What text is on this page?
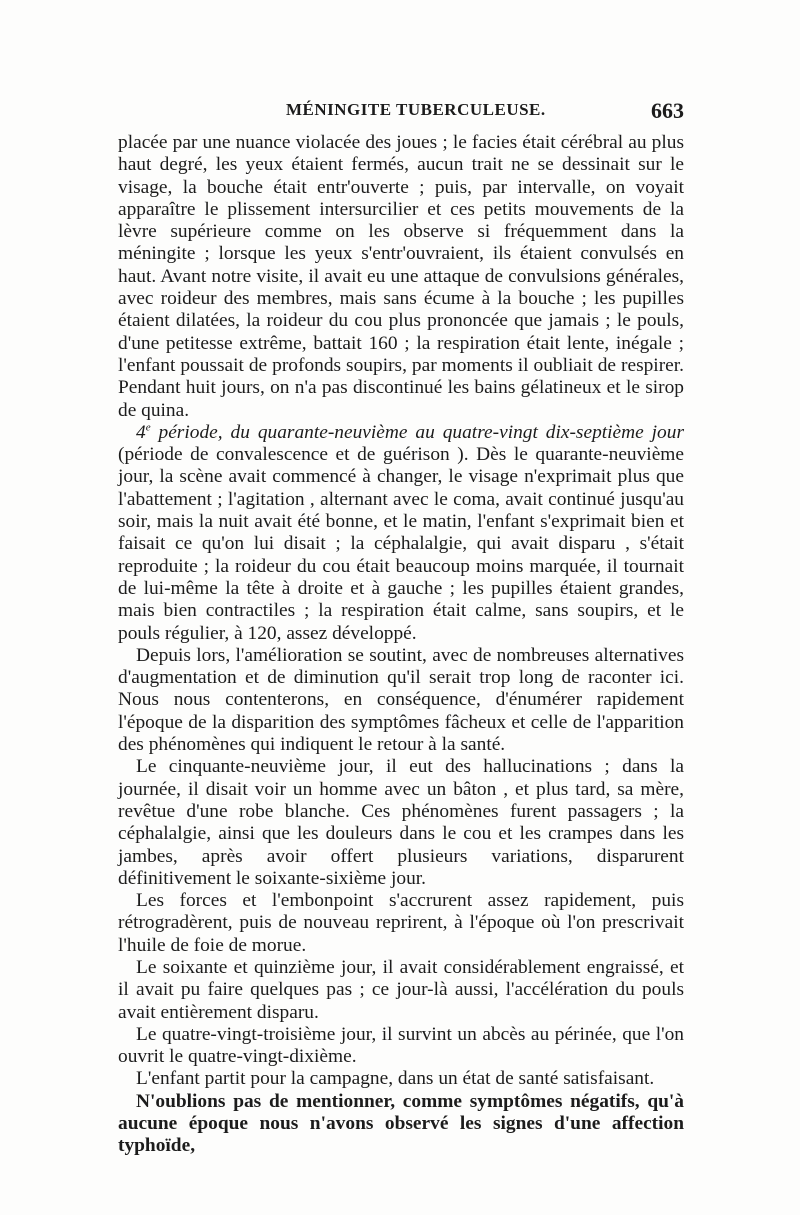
MÉNINGITE TUBERCULEUSE.	663

placée par une nuance violacée des joues ; le facies était cérébral au plus haut degré, les yeux étaient fermés, aucun trait ne se dessinait sur le visage, la bouche était entr'ouverte ; puis, par intervalle, on voyait apparaître le plissement intersurcilier et ces petits mouvements de la lèvre supérieure comme on les observe si fréquemment dans la méningite ; lorsque les yeux s'entr'ouvraient, ils étaient convulsés en haut. Avant notre visite, il avait eu une attaque de convulsions générales, avec roideur des membres, mais sans écume à la bouche ; les pupilles étaient dilatées, la roideur du cou plus prononcée que jamais ; le pouls, d'une petitesse extrême, battait 160 ; la respiration était lente, inégale ; l'enfant poussait de profonds soupirs, par moments il oubliait de respirer. Pendant huit jours, on n'a pas discontinué les bains gélatineux et le sirop de quina.

4e période, du quarante-neuvième au quatre-vingt dix-septième jour (période de convalescence et de guérison ). Dès le quarante-neuvième jour, la scène avait commencé à changer, le visage n'exprimait plus que l'abattement ; l'agitation , alternant avec le coma, avait continué jusqu'au soir, mais la nuit avait été bonne, et le matin, l'enfant s'exprimait bien et faisait ce qu'on lui disait ; la céphalalgie, qui avait disparu , s'était reproduite ; la roideur du cou était beaucoup moins marquée, il tournait de lui-même la tête à droite et à gauche ; les pupilles étaient grandes, mais bien contractiles ; la respiration était calme, sans soupirs, et le pouls régulier, à 120, assez développé.

Depuis lors, l'amélioration se soutint, avec de nombreuses alternatives d'augmentation et de diminution qu'il serait trop long de raconter ici. Nous nous contenterons, en conséquence, d'énumérer rapidement l'époque de la disparition des symptômes fâcheux et celle de l'apparition des phénomènes qui indiquent le retour à la santé.

Le cinquante-neuvième jour, il eut des hallucinations ; dans la journée, il disait voir un homme avec un bâton , et plus tard, sa mère, revêtue d'une robe blanche. Ces phénomènes furent passagers ; la céphalalgie, ainsi que les douleurs dans le cou et les crampes dans les jambes, après avoir offert plusieurs variations, disparurent définitivement le soixante-sixième jour.

Les forces et l'embonpoint s'accrurent assez rapidement, puis rétrogradèrent, puis de nouveau reprirent, à l'époque où l'on prescrivait l'huile de foie de morue.

Le soixante et quinzième jour, il avait considérablement engraissé, et il avait pu faire quelques pas ; ce jour-là aussi, l'accélération du pouls avait entièrement disparu.

Le quatre-vingt-troisième jour, il survint un abcès au périnée, que l'on ouvrit le quatre-vingt-dixième.

L'enfant partit pour la campagne, dans un état de santé satisfaisant.

N'oublions pas de mentionner, comme symptômes négatifs, qu'à aucune époque nous n'avons observé les signes d'une affection typhoïde,
